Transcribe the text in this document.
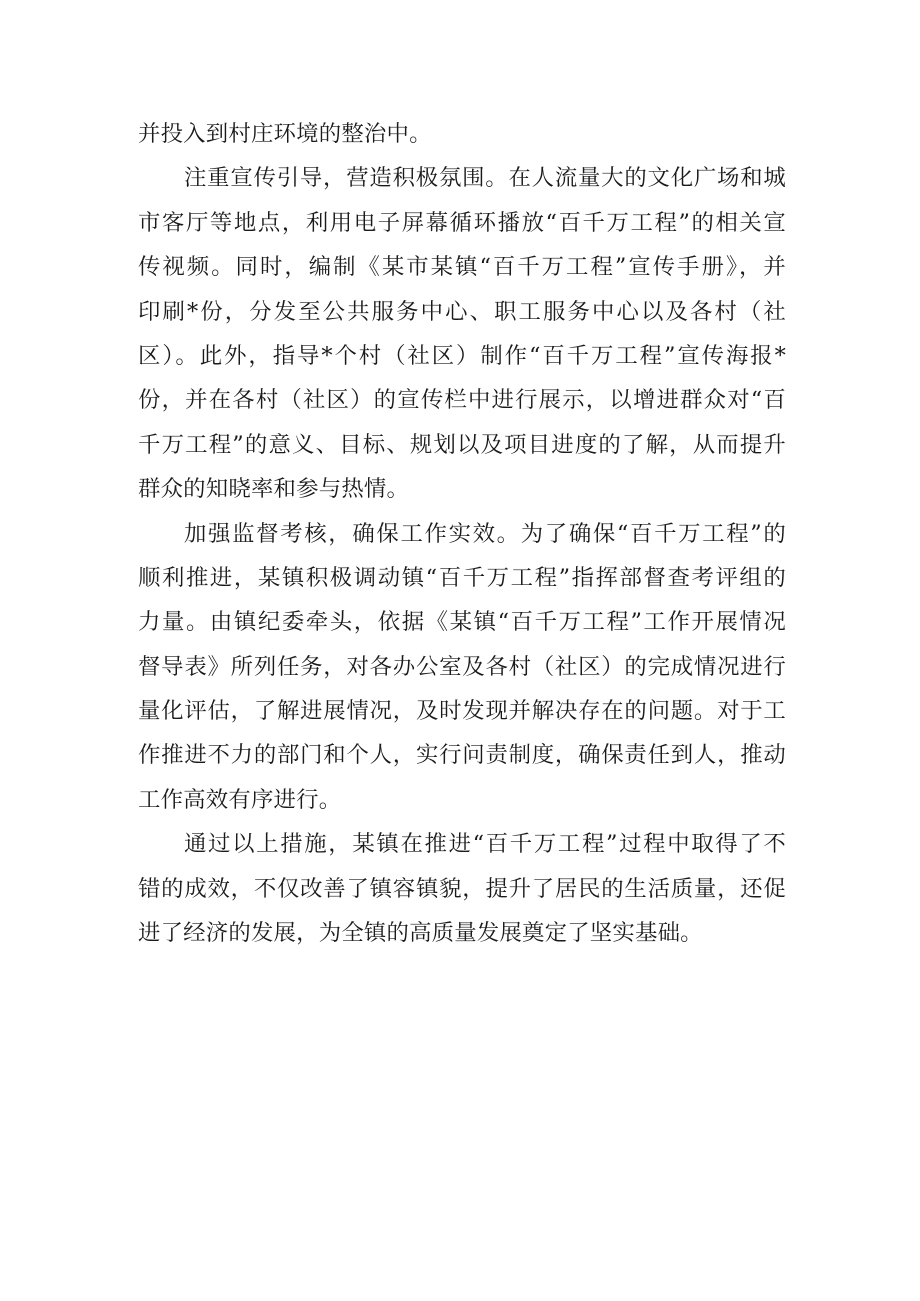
并投入到村庄环境的整治中。
注重宣传引导，营造积极氛围。在人流量大的文化广场和城
市客厅等地点，利用电子屏幕循环播放“百千万工程”的相关宣
传视频。同时，编制《某市某镇“百千万工程”宣传手册》，并
印刷*份，分发至公共服务中心、职工服务中心以及各村（社
区）。此外，指导*个村（社区）制作“百千万工程”宣传海报*
份，并在各村（社区）的宣传栏中进行展示，以增进群众对“百
千万工程”的意义、目标、规划以及项目进度的了解，从而提升
群众的知晓率和参与热情。
加强监督考核，确保工作实效。为了确保“百千万工程”的
顺利推进，某镇积极调动镇“百千万工程”指挥部督查考评组的
力量。由镇纪委牵头，依据《某镇“百千万工程”工作开展情况
督导表》所列任务，对各办公室及各村（社区）的完成情况进行
量化评估，了解进展情况，及时发现并解决存在的问题。对于工
作推进不力的部门和个人，实行问责制度，确保责任到人，推动
工作高效有序进行。
通过以上措施，某镇在推进“百千万工程”过程中取得了不
错的成效，不仅改善了镇容镇貌，提升了居民的生活质量，还促
进了经济的发展，为全镇的高质量发展奠定了坚实基础。
